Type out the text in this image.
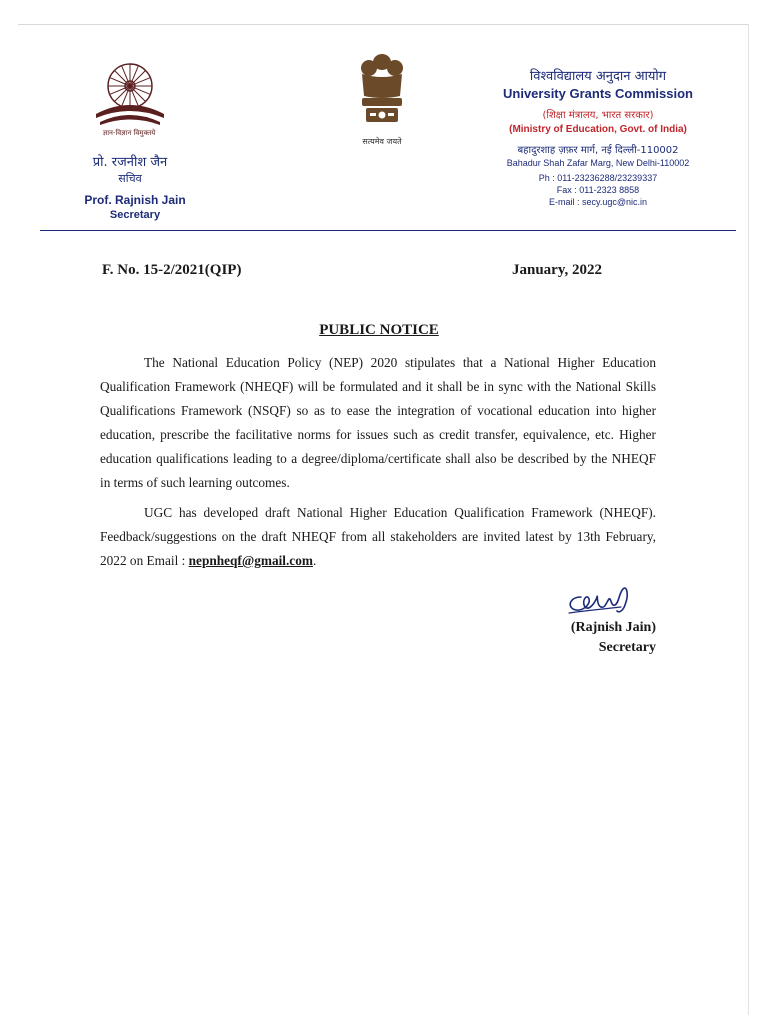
ज्ञान-विज्ञान विमुक्तये
प्रो. रजनीश जैन
सचिव
Prof. Rajnish Jain
Secretary
सत्यमेव जयते
विश्वविद्यालय अनुदान आयोग
University Grants Commission
(शिक्षा मंत्रालय, भारत सरकार)
(Ministry of Education, Govt. of India)
बहादुरशाह ज़फ़र मार्ग, नई दिल्ली-110002
Bahadur Shah Zafar Marg, New Delhi-110002
Ph : 011-23236288/23239337
Fax : 011-2323 8858
E-mail : secy.ugc@nic.in
F. No. 15-2/2021(QIP)	January, 2022
PUBLIC NOTICE

The National Education Policy (NEP) 2020 stipulates that a National Higher Education Qualification Framework (NHEQF) will be formulated and it shall be in sync with the National Skills Qualifications Framework (NSQF) so as to ease the integration of vocational education into higher education, prescribe the facilitative norms for issues such as credit transfer, equivalence, etc. Higher education qualifications leading to a degree/diploma/certificate shall also be described by the NHEQF in terms of such learning outcomes.

UGC has developed draft National Higher Education Qualification Framework (NHEQF). Feedback/suggestions on the draft NHEQF from all stakeholders are invited latest by 13th February, 2022 on Email : nepnheqf@gmail.com.

(Rajnish Jain)
Secretary
